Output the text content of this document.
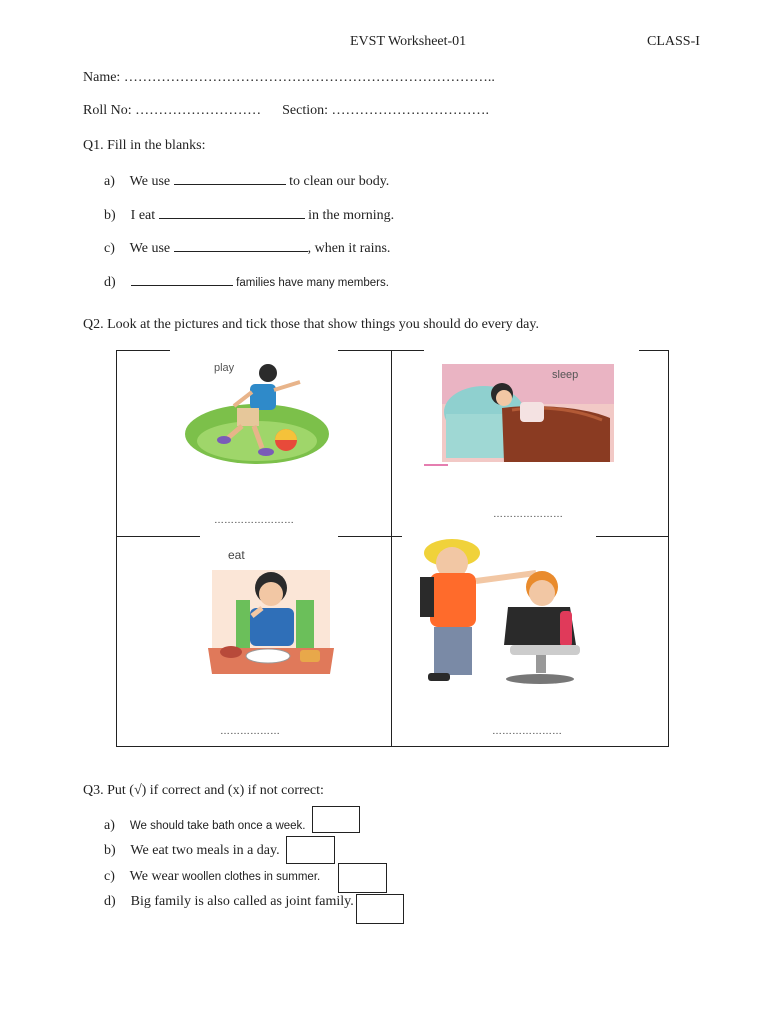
EVST Worksheet-01	CLASS-I
Name: ……………………………………………………………………..
Roll No: ……………………… Section: …………………………….
Q1. Fill in the blanks:
a) We use	to clean our body.
b) I eat	in the morning.
c) We use	, when it rains.
d)	families have many members.
Q2. Look at the pictures and tick those that show things you should do every day.
play
……………………
sleep
…………………
eat
………………	…………………
Q3. Put (√) if correct and (x) if not correct:
a) We should take bath once a week.
b) We eat two meals in a day.
c) We wear woollen clothes in summer.
d) Big family is also called as joint family.
